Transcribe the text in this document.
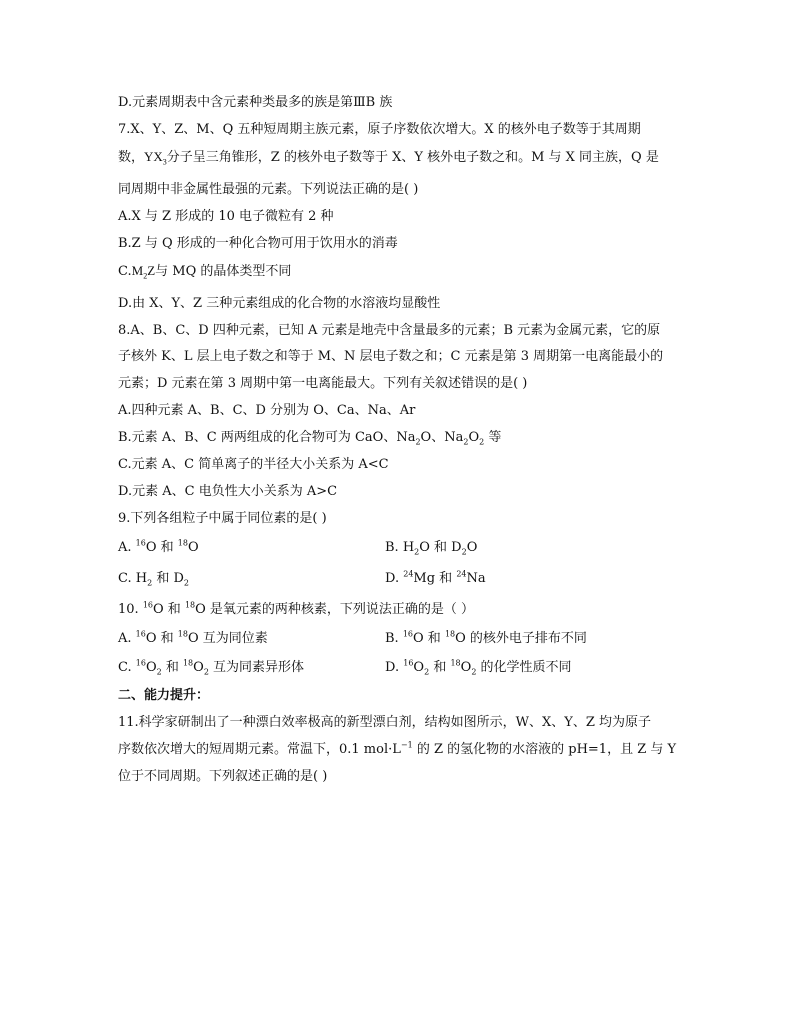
D.元素周期表中含元素种类最多的族是第ⅢB 族
7.X、Y、Z、M、Q 五种短周期主族元素，原子序数依次增大。X 的核外电子数等于其周期
数，$YX_3$分子呈三角锥形，Z 的核外电子数等于 X、Y 核外电子数之和。M 与 X 同主族，Q 是
同周期中非金属性最强的元素。下列说法正确的是( )
A.X 与 Z 形成的 10 电子微粒有 2 种
B.Z 与 Q 形成的一种化合物可用于饮用水的消毒
$C.M_2Z$与 MQ 的晶体类型不同
D.由 X、Y、Z 三种元素组成的化合物的水溶液均显酸性
8.A、B、C、D 四种元素，已知 A 元素是地壳中含量最多的元素；B 元素为金属元素，它的原
子核外 K、L 层上电子数之和等于 M、N 层电子数之和；C 元素是第 3 周期第一电离能最小的
元素；D 元素在第 3 周期中第一电离能最大。下列有关叙述错误的是( )
A.四种元素 A、B、C、D 分别为 O、Ca、Na、Ar
B.元素 A、B、C 两两组成的化合物可为 CaO、$Na_2O$、$Na_2O_2$ 等
C.元素 A、C 简单离子的半径大小关系为 A<C
D.元素 A、C 电负性大小关系为 A>C
9.下列各组粒子中属于同位素的是( )
A. $^{16}$O 和 $^{18}$O	B. $H_2O$ 和 $D_2O$
C. $H_2$ 和 $D_2$	D. $^{24}$Mg 和 $^{24}$Na
10. $^{16}$O 和 $^{18}$O 是氧元素的两种核素，下列说法正确的是（ ）
A. $^{16}$O 和 $^{18}$O 互为同位素	B. $^{16}$O 和 $^{18}$O 的核外电子排布不同
C. $^{16}O_2$ 和 $^{18}O_2$ 互为同素异形体	D. $^{16}O_2$ 和 $^{18}O_2$ 的化学性质不同
二、能力提升：
11.科学家研制出了一种漂白效率极高的新型漂白剂，结构如图所示，W、X、Y、Z 均为原子
序数依次增大的短周期元素。常温下，0.1 $mol\cdot L^{-1}$ 的 Z 的氢化物的水溶液的 pH=1，且 Z 与 Y
位于不同周期。下列叙述正确的是( )
